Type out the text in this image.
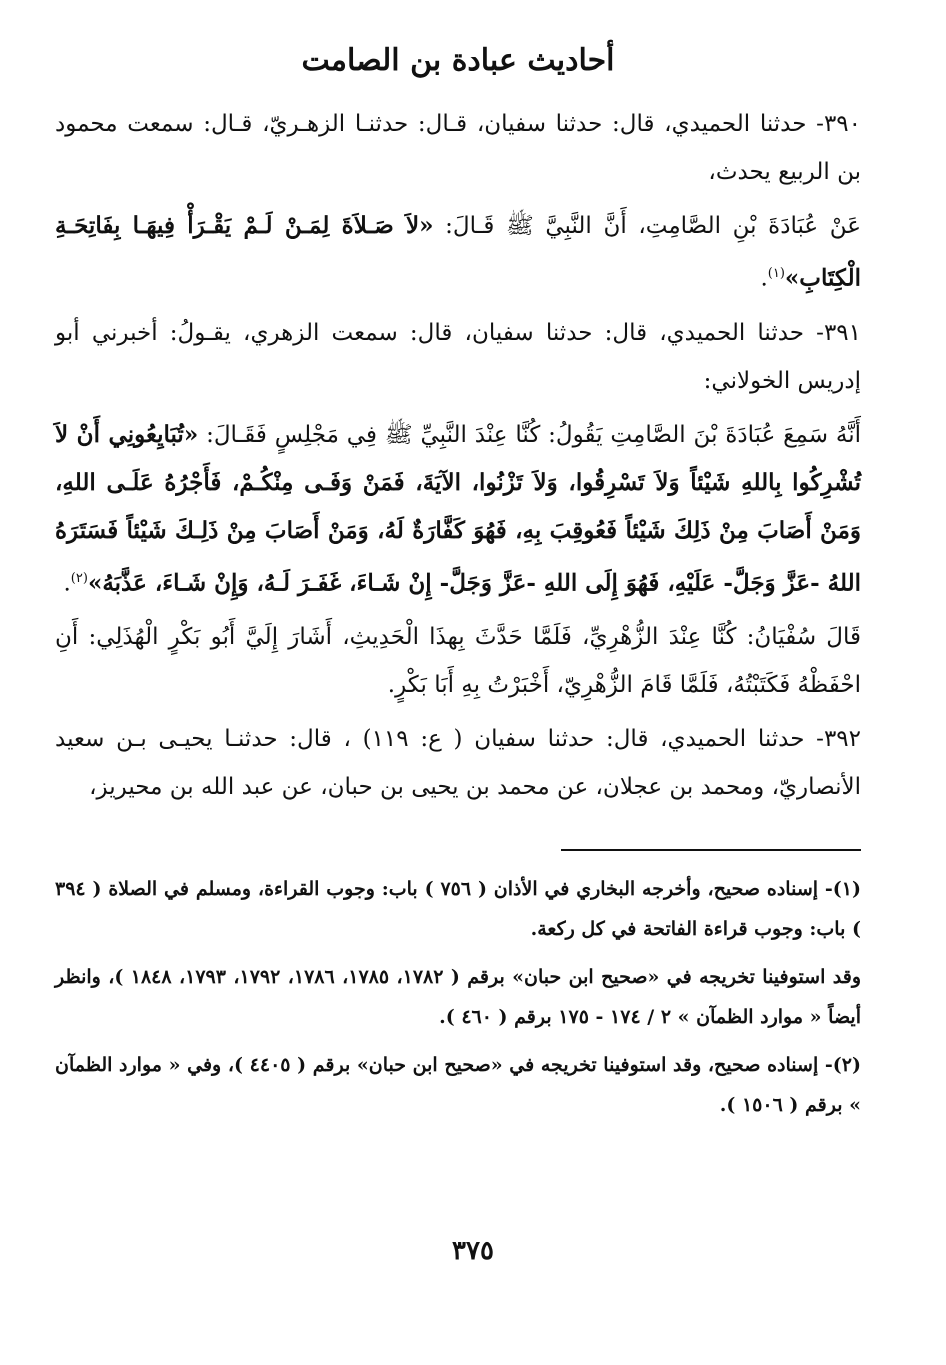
أحاديث عبادة بن الصامت

٣٩٠- حدثنا الحميدي، قال: حدثنا سفيان، قـال: حدثنـا الزهـريّ، قـال: سمعت محمود بن الربيع يحدث،

عَنْ عُبَادَةَ بْنِ الصَّامِتِ، أَنَّ النَّبِيَّ ﷺ قَـالَ: «لاَ صَـلاَةَ لِمَـنْ لَـمْ يَقْـرَأْ فِيهَـا بِفَاتِحَـةِ الْكِتَابِ»$^{(١)}$.

٣٩١- حدثنا الحميدي، قال: حدثنا سفيان، قال: سمعت الزهري، يقـولُ: أخبرني أبو إدريس الخولاني:

أَنَّهُ سَمِعَ عُبَادَةَ بْنَ الصَّامِتِ يَقُولُ: كُنَّا عِنْدَ النَّبِيِّ ﷺ فِي مَجْلِسٍ فَقَـالَ: «تُبَايِعُونِي أَنْ لاَ تُشْرِكُوا بِاللهِ شَيْئاً وَلاَ تَسْرِقُوا، وَلاَ تَزْنُوا، الآيَةَ، فَمَنْ وَفَـى مِنْكُـمْ، فَأَجْرُهُ عَلَـى اللهِ، وَمَنْ أَصَابَ مِنْ ذَلِكَ شَيْئاً فَعُوقِبَ بِهِ، فَهُوَ كَفَّارَةٌ لَهُ، وَمَنْ أَصَابَ مِنْ ذَلِـكَ شَيْئاً فَسَتَرَهُ اللهُ -عَزَّ وَجَلَّ- عَلَيْهِ، فَهُوَ إِلَى اللهِ -عَزَّ وَجَلَّ- إِنْ شَـاءَ، غَفَـرَ لَـهُ، وَإِنْ شَـاءَ، عَذَّبَهُ»$^{(٢)}$.

قَالَ سُفْيَانُ: كُنَّا عِنْدَ الزُّهْرِيِّ، فَلَمَّا حَدَّثَ بِهذَا الْحَدِيثِ، أَشَارَ إِلَيَّ أَبُو بَكْرٍ الْهُذَلِي: أَنِ احْفَظْهُ فَكَتَبْتُهُ، فَلَمَّا قَامَ الزُّهْرِيّ، أَخْبَرْتُ بِهِ أَبَا بَكْرٍ.

٣٩٢- حدثنا الحميدي، قال: حدثنا سفيان ( ع: ١١٩) ، قال: حدثنـا يحيـى بـن سعيد الأنصاريّ، ومحمد بن عجلان، عن محمد بن يحيى بن حبان، عن عبد الله بن محيريز،

(١)- إسناده صحيح، وأخرجه البخاري في الأذان ( ٧٥٦ ) باب: وجوب القراءة، ومسلم في الصلاة ( ٣٩٤ ) باب: وجوب قراءة الفاتحة في كل ركعة.

وقد استوفينا تخريجه في «صحيح ابن حبان» برقم ( ١٧٨٢، ١٧٨٥، ١٧٨٦، ١٧٩٢، ١٧٩٣، ١٨٤٨ )، وانظر أيضاً « موارد الظمآن » ٢ / ١٧٤ - ١٧٥ برقم ( ٤٦٠ ).

(٢)- إسناده صحيح، وقد استوفينا تخريجه في «صحيح ابن حبان» برقم ( ٤٤٠٥ )، وفي « موارد الظمآن » برقم ( ١٥٠٦ ).

٣٧٥
